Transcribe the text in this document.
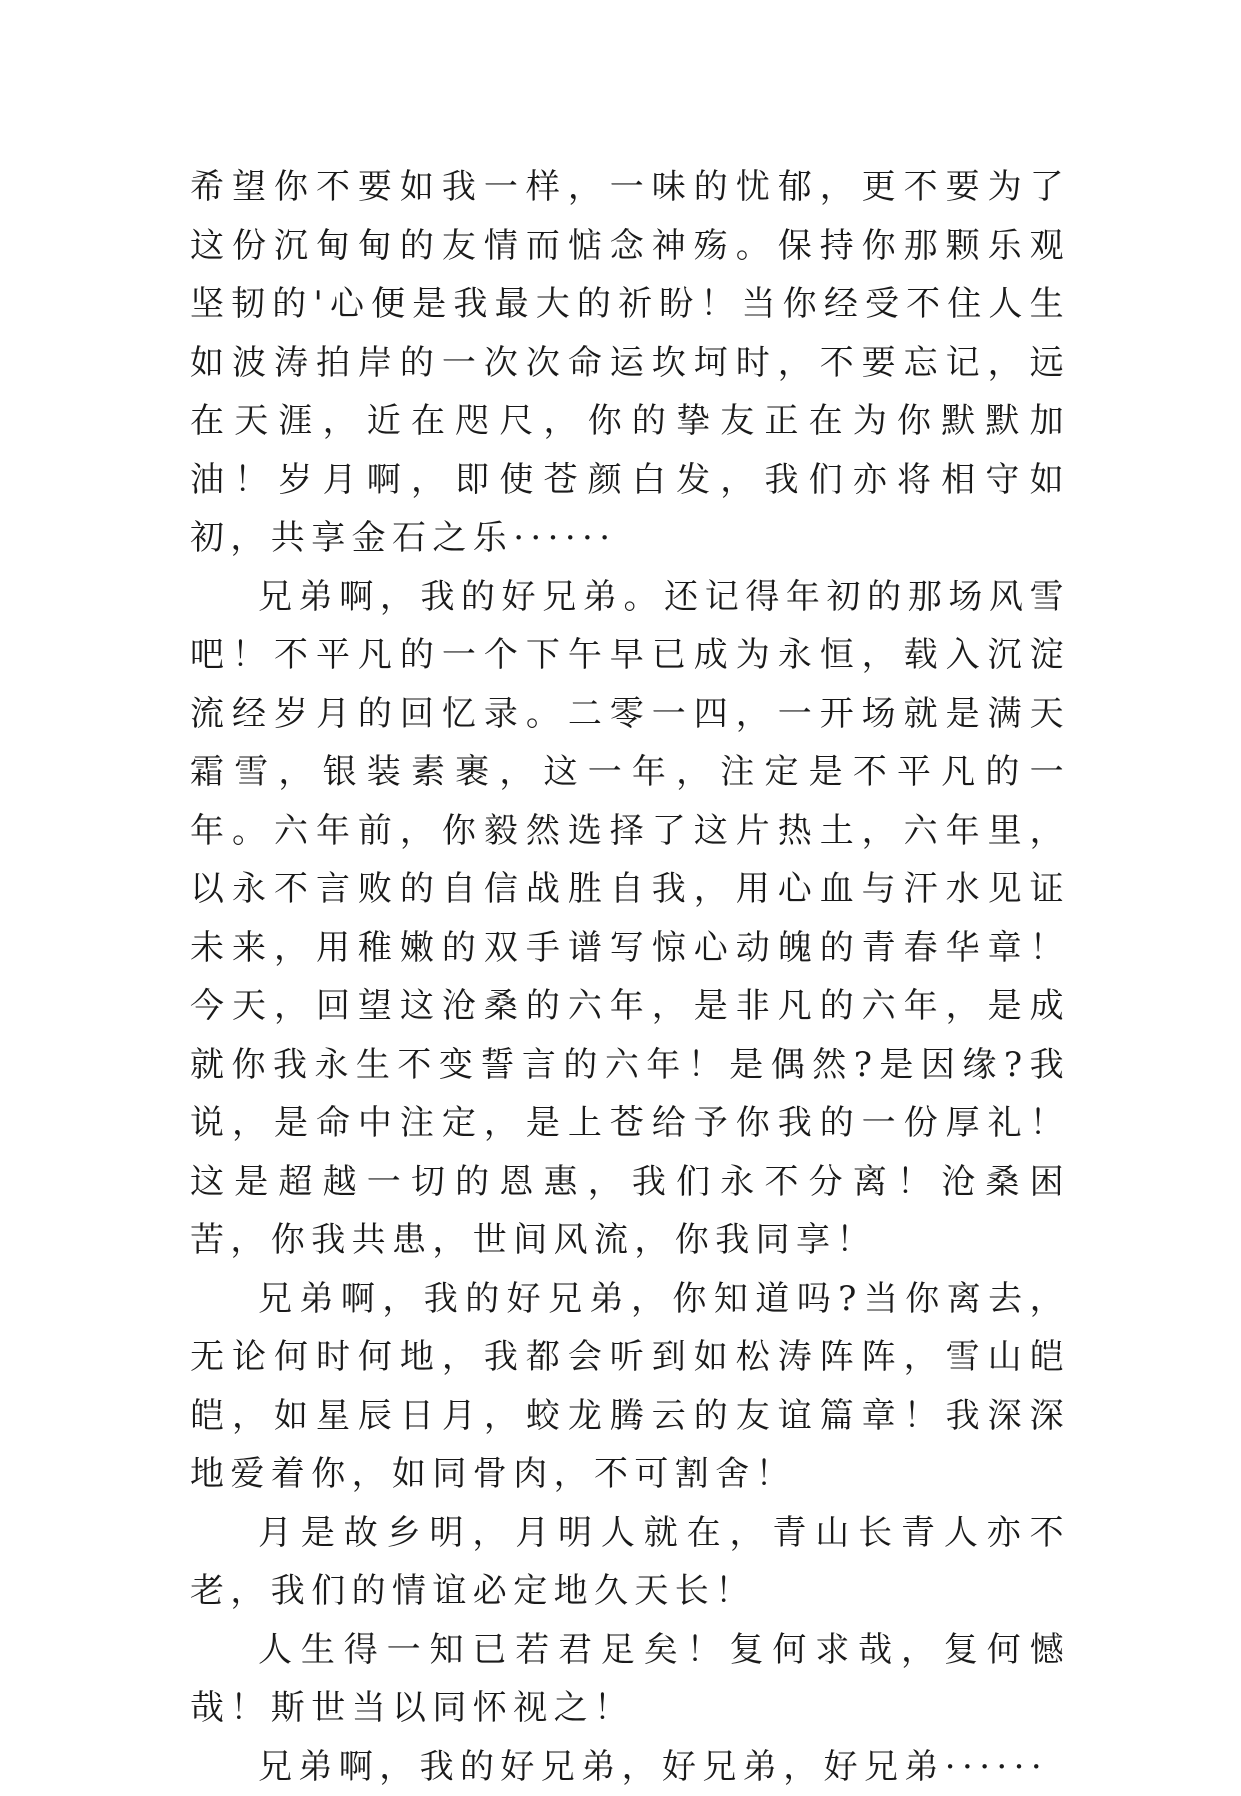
希望你不要如我一样，一味的忧郁，更不要为了这份沉甸甸的友情而惦念神殇。保持你那颗乐观坚韧的'心便是我最大的祈盼！当你经受不住人生如波涛拍岸的一次次命运坎坷时，不要忘记，远在天涯，近在咫尺，你的挚友正在为你默默加油！岁月啊，即使苍颜白发，我们亦将相守如初，共享金石之乐······

兄弟啊，我的好兄弟。还记得年初的那场风雪吧！不平凡的一个下午早已成为永恒，载入沉淀流经岁月的回忆录。二零一四，一开场就是满天霜雪，银装素裹，这一年，注定是不平凡的一年。六年前，你毅然选择了这片热土，六年里，以永不言败的自信战胜自我，用心血与汗水见证未来，用稚嫩的双手谱写惊心动魄的青春华章！今天，回望这沧桑的六年，是非凡的六年，是成就你我永生不变誓言的六年！是偶然?是因缘?我说，是命中注定，是上苍给予你我的一份厚礼！这是超越一切的恩惠，我们永不分离！沧桑困苦，你我共患，世间风流，你我同享！

兄弟啊，我的好兄弟，你知道吗?当你离去，无论何时何地，我都会听到如松涛阵阵，雪山皑皑，如星辰日月，蛟龙腾云的友谊篇章！我深深地爱着你，如同骨肉，不可割舍！

月是故乡明，月明人就在，青山长青人亦不老，我们的情谊必定地久天长！

人生得一知已若君足矣！复何求哉，复何憾哉！斯世当以同怀视之！

兄弟啊，我的好兄弟，好兄弟，好兄弟······
